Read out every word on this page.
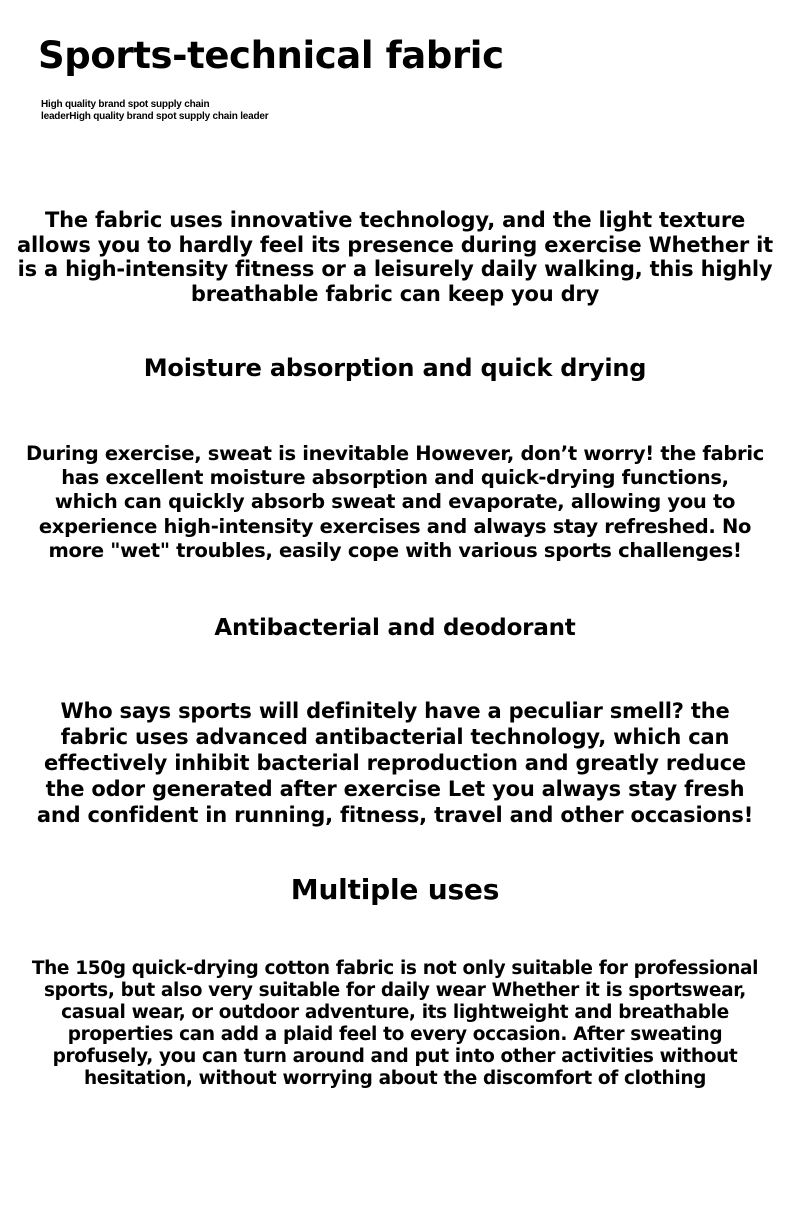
Sports-technical fabric

High quality brand spot supply chain
leaderHigh quality brand spot supply chain leader

The fabric uses innovative technology, and the light texture
allows you to hardly feel its presence during exercise Whether it
is a high-intensity fitness or a leisurely daily walking, this highly
breathable fabric can keep you dry

Moisture absorption and quick drying

During exercise, sweat is inevitable However, don’t worry! the fabric
has excellent moisture absorption and quick-drying functions,
which can quickly absorb sweat and evaporate, allowing you to
experience high-intensity exercises and always stay refreshed. No
more "wet" troubles, easily cope with various sports challenges!

Antibacterial and deodorant

Who says sports will definitely have a peculiar smell? the
fabric uses advanced antibacterial technology, which can
effectively inhibit bacterial reproduction and greatly reduce
the odor generated after exercise Let you always stay fresh
and confident in running, fitness, travel and other occasions!

Multiple uses

The 150g quick-drying cotton fabric is not only suitable for professional
sports, but also very suitable for daily wear Whether it is sportswear,
casual wear, or outdoor adventure, its lightweight and breathable
properties can add a plaid feel to every occasion. After sweating
profusely, you can turn around and put into other activities without
hesitation, without worrying about the discomfort of clothing
